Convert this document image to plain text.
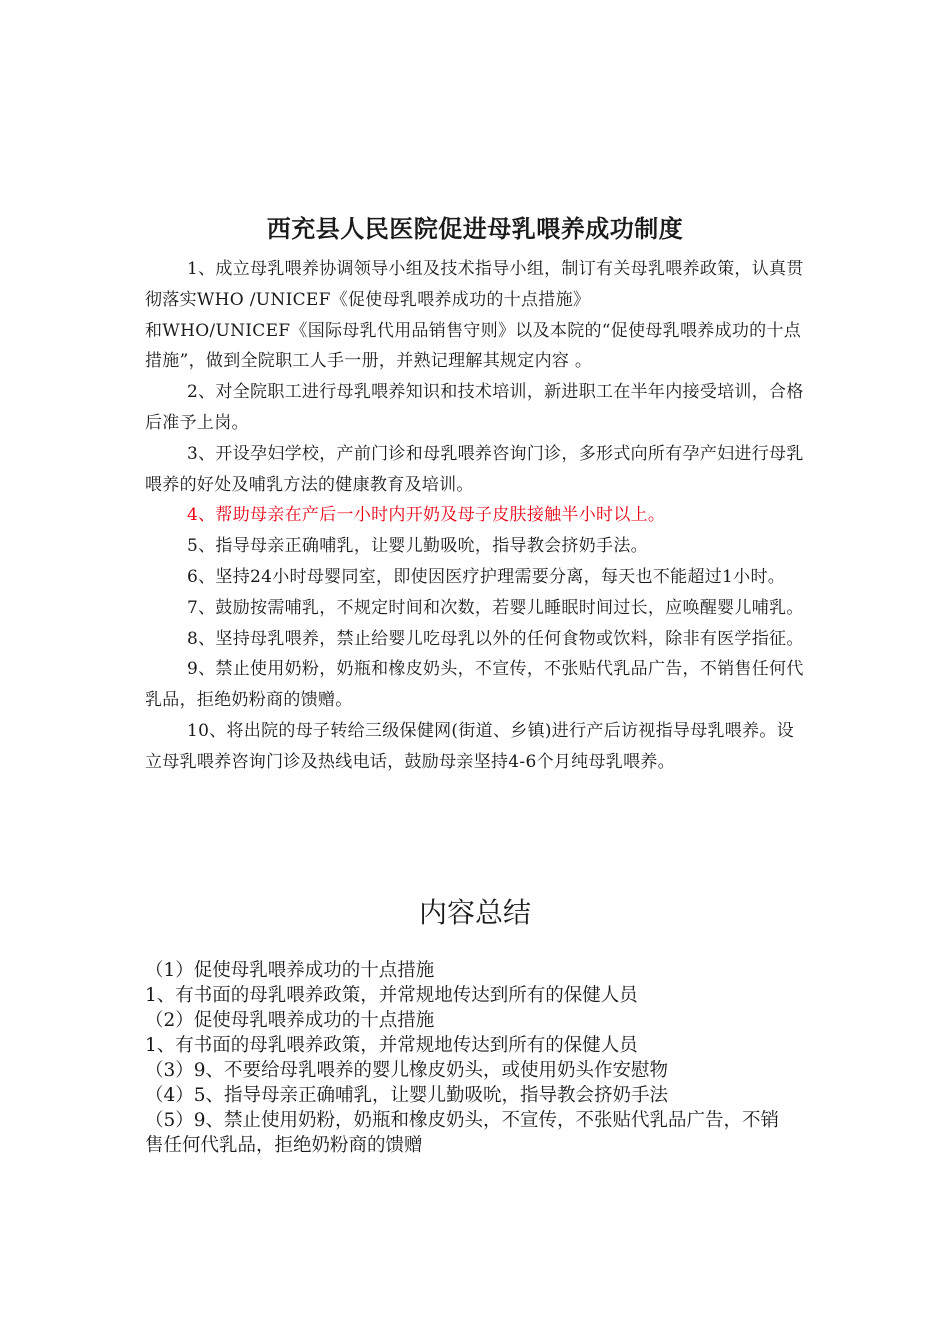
西充县人民医院促进母乳喂养成功制度

1、成立母乳喂养协调领导小组及技术指导小组，制订有关母乳喂养政策，认真贯彻落实WHO /UNICEF《促使母乳喂养成功的十点措施》

和WHO/UNICEF《国际母乳代用品销售守则》以及本院的“促使母乳喂养成功的十点措施”，做到全院职工人手一册，并熟记理解其规定内容 。

2、对全院职工进行母乳喂养知识和技术培训，新进职工在半年内接受培训，合格后准予上岗。

3、开设孕妇学校，产前门诊和母乳喂养咨询门诊，多形式向所有孕产妇进行母乳喂养的好处及哺乳方法的健康教育及培训。

4、帮助母亲在产后一小时内开奶及母子皮肤接触半小时以上。

5、指导母亲正确哺乳，让婴儿勤吸吮，指导教会挤奶手法。

6、坚持24小时母婴同室，即使因医疗护理需要分离，每天也不能超过1小时。

7、鼓励按需哺乳，不规定时间和次数，若婴儿睡眠时间过长，应唤醒婴儿哺乳。

8、坚持母乳喂养，禁止给婴儿吃母乳以外的任何食物或饮料，除非有医学指征。

9、禁止使用奶粉，奶瓶和橡皮奶头，不宣传，不张贴代乳品广告，不销售任何代乳品，拒绝奶粉商的馈赠。

10、将出院的母子转给三级保健网(街道、乡镇)进行产后访视指导母乳喂养。设立母乳喂养咨询门诊及热线电话，鼓励母亲坚持4-6个月纯母乳喂养。

内容总结

（1）促使母乳喂养成功的十点措施

1、有书面的母乳喂养政策，并常规地传达到所有的保健人员

（2）促使母乳喂养成功的十点措施

1、有书面的母乳喂养政策，并常规地传达到所有的保健人员

（3）9、不要给母乳喂养的婴儿橡皮奶头，或使用奶头作安慰物

（4）5、指导母亲正确哺乳，让婴儿勤吸吮，指导教会挤奶手法

（5）9、禁止使用奶粉，奶瓶和橡皮奶头，不宣传，不张贴代乳品广告，不销售任何代乳品，拒绝奶粉商的馈赠
